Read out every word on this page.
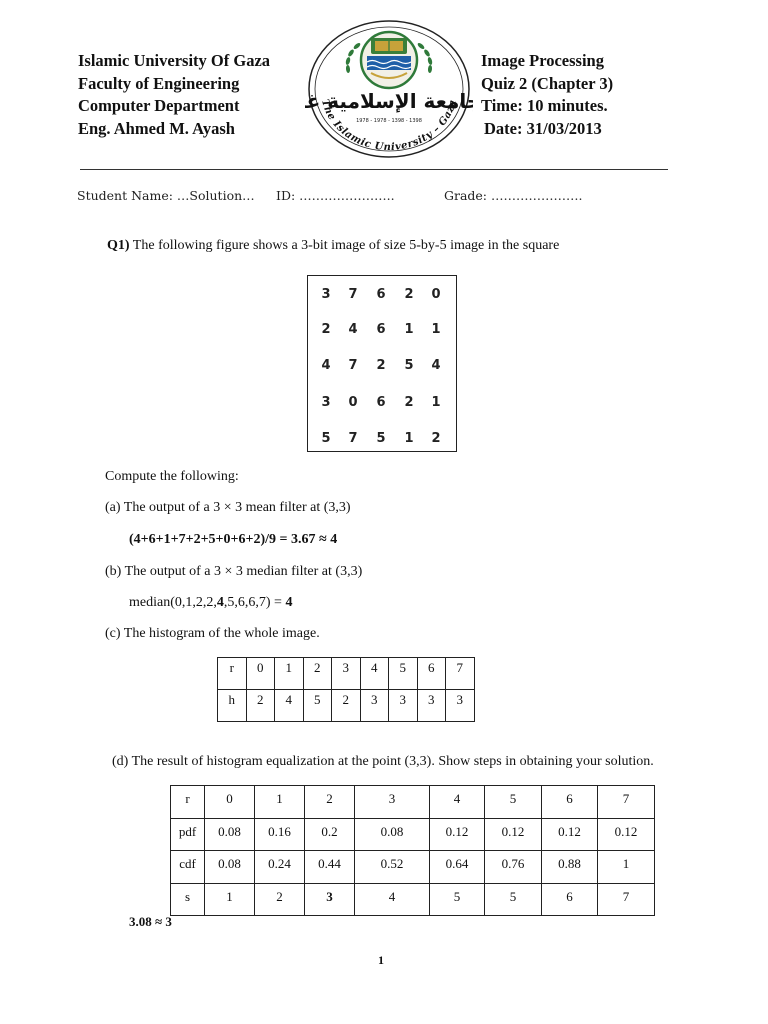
Islamic University Of Gaza
Faculty of Engineering
Computer Department
Eng. Ahmed M. Ayash
امعة الإسلامية غ
1978 - 1978 - 1398 - 1398
The Islamic University – Gaza
Image Processing
Quiz 2 (Chapter 3)
Time: 10 minutes.
Date: 31/03/2013
Student Name: …Solution… ID: …………………..	Grade: ………………….
Q1) The following figure shows a 3-bit image of size 5-by-5 image in the square
3	7	6	2	0
2	4	6	1	1
4	7	2	5	4
3	0	6	2	1
5	7	5	1	2
Compute the following:
(a) The output of a 3 × 3 mean filter at (3,3)
(4+6+1+7+2+5+0+6+2)/9 = 3.67 ≈ 4
(b) The output of a 3 × 3 median filter at (3,3)
median(0,1,2,2,4,5,6,6,7) = 4
(c) The histogram of the whole image.
r	0	1	2	3	4	5	6	7
h	2	4	5	2	3	3	3	3
(d) The result of histogram equalization at the point (3,3). Show steps in obtaining your solution.
r	0	1	2	3	4	5	6	7
pdf	0.08	0.16	0.2	0.08	0.12	0.12	0.12	0.12
cdf	0.08	0.24	0.44	0.52	0.64	0.76	0.88	1
s	1	2	3	4	5	5	6	7
3.08 ≈ 3
1
